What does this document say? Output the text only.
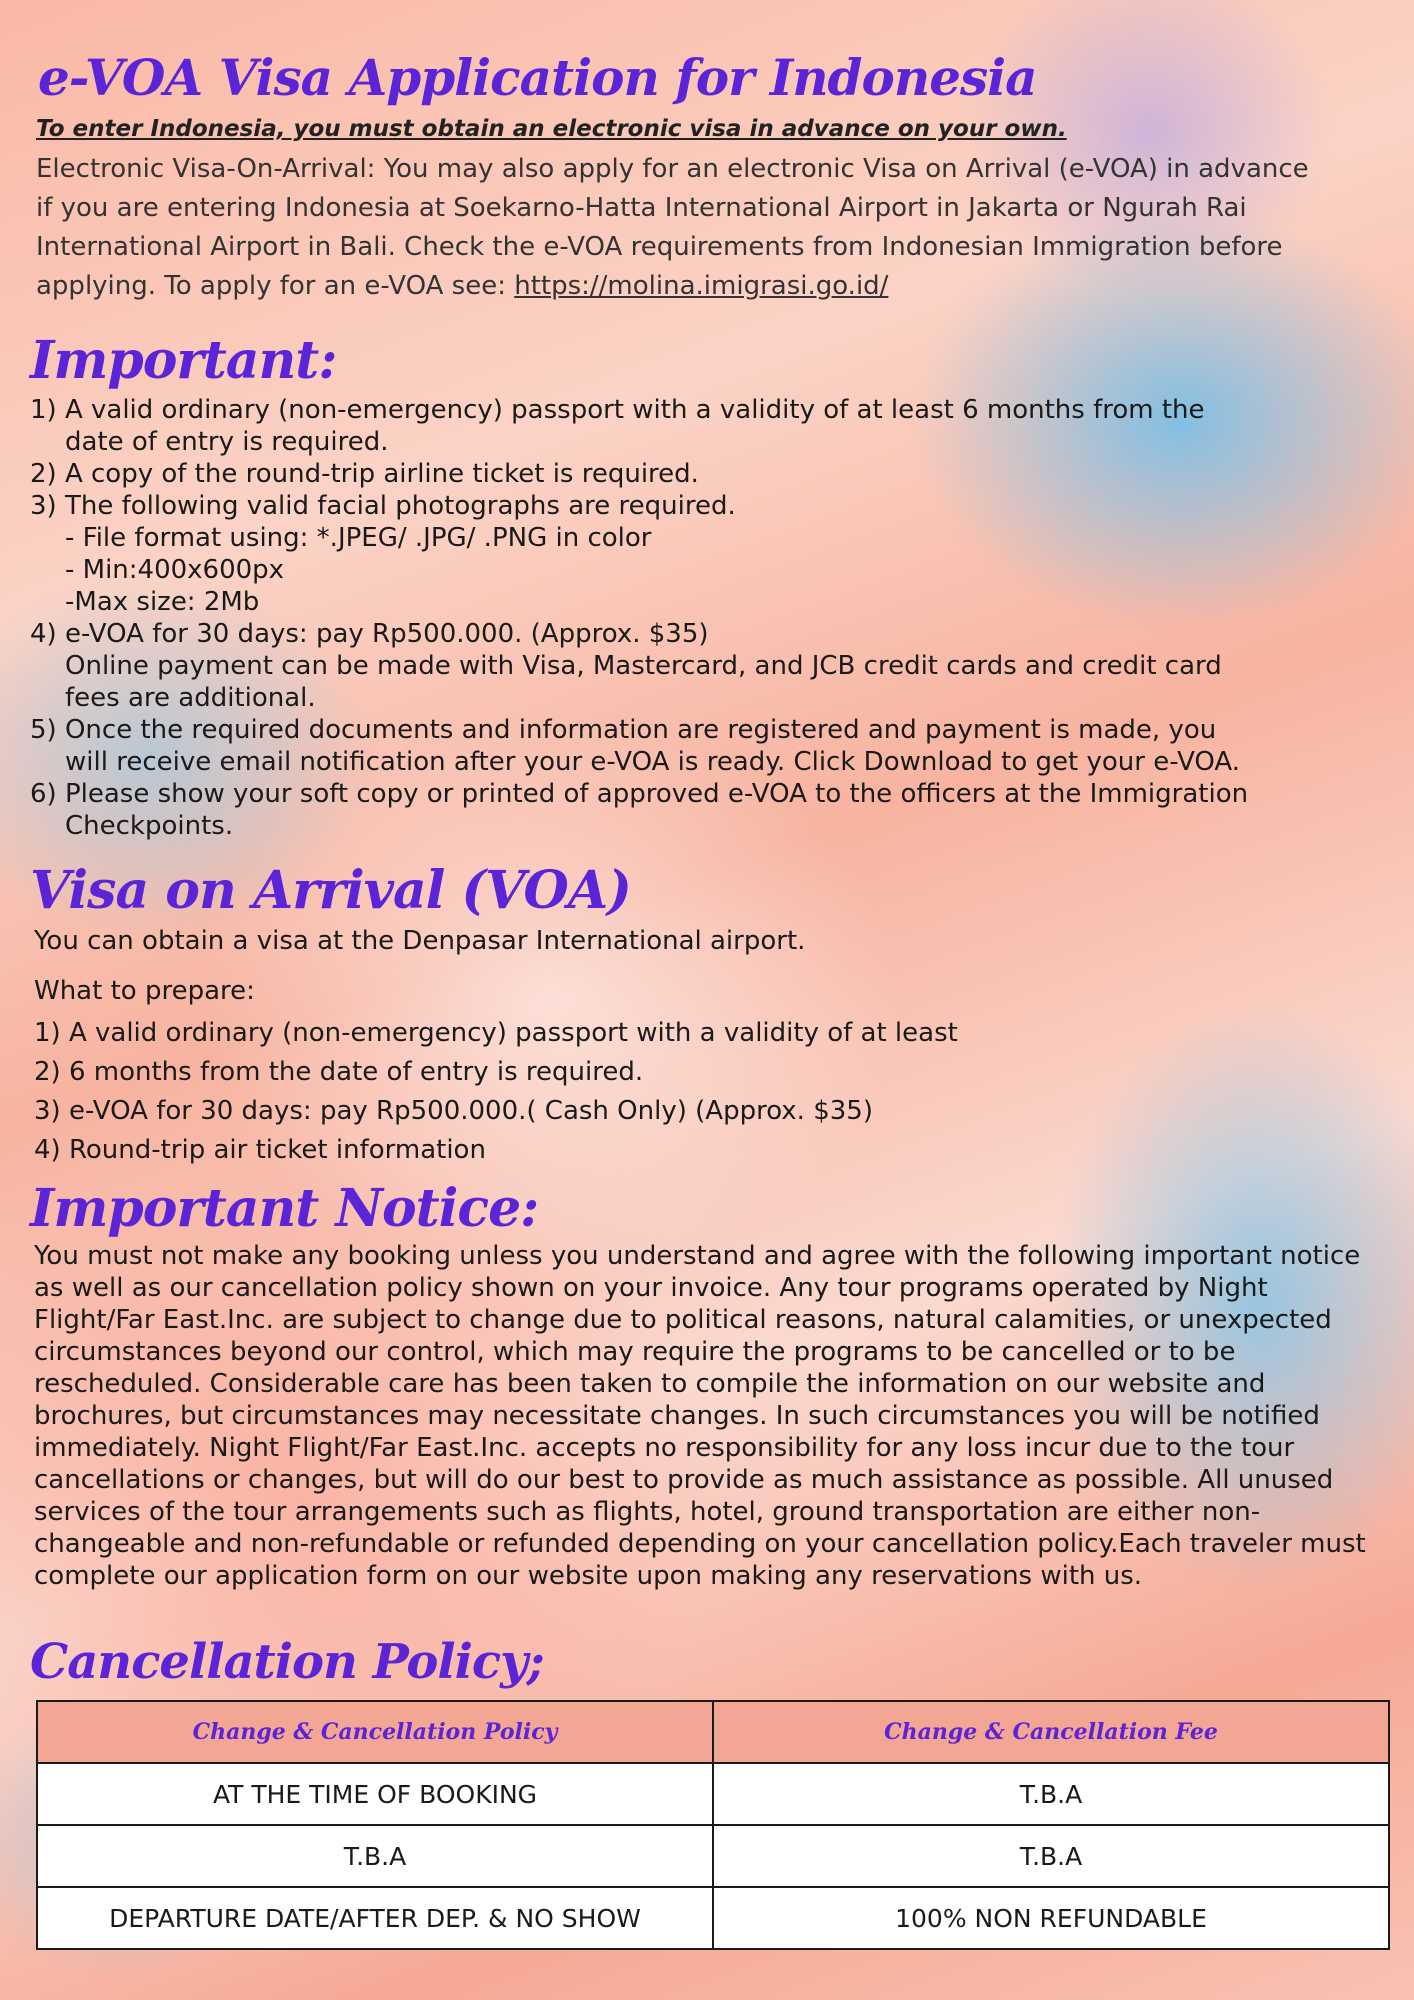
e-VOA Visa Application for Indonesia

To enter Indonesia, you must obtain an electronic visa in advance on your own.

Electronic Visa-On-Arrival: You may also apply for an electronic Visa on Arrival (e-VOA) in advance if you are entering Indonesia at Soekarno-Hatta International Airport in Jakarta or Ngurah Rai International Airport in Bali. Check the e-VOA requirements from Indonesian Immigration before applying. To apply for an e-VOA see: https://molina.imigrasi.go.id/

Important:
1) A valid ordinary (non-emergency) passport with a validity of at least 6 months from the
date of entry is required.
2) A copy of the round-trip airline ticket is required.
3) The following valid facial photographs are required.
- File format using: *.JPEG/ .JPG/ .PNG in color
- Min:400x600px
-Max size: 2Mb
4) e-VOA for 30 days: pay Rp500.000. (Approx. $35)
Online payment can be made with Visa, Mastercard, and JCB credit cards and credit card
fees are additional.
5) Once the required documents and information are registered and payment is made, you
will receive email notification after your e-VOA is ready. Click Download to get your e-VOA.
6) Please show your soft copy or printed of approved e-VOA to the officers at the Immigration
Checkpoints.
Visa on Arrival (VOA)

You can obtain a visa at the Denpasar International airport.

What to prepare:

1) A valid ordinary (non-emergency) passport with a validity of at least
2) 6 months from the date of entry is required.
3) e-VOA for 30 days: pay Rp500.000.( Cash Only) (Approx. $35)
4) Round-trip air ticket information
Important Notice:

You must not make any booking unless you understand and agree with the following important notice as well as our cancellation policy shown on your invoice. Any tour programs operated by Night Flight/Far East.Inc. are subject to change due to political reasons, natural calamities, or unexpected circumstances beyond our control, which may require the programs to be cancelled or to be rescheduled. Considerable care has been taken to compile the information on our website and brochures, but circumstances may necessitate changes. In such circumstances you will be notified immediately. Night Flight/Far East.Inc. accepts no responsibility for any loss incur due to the tour cancellations or changes, but will do our best to provide as much assistance as possible. All unused services of the tour arrangements such as flights, hotel, ground transportation are either non-changeable and non-refundable or refunded depending on your cancellation policy.Each traveler must complete our application form on our website upon making any reservations with us.

Cancellation Policy;
Change & Cancellation Policy	Change & Cancellation Fee
AT THE TIME OF BOOKING	T.B.A
T.B.A	T.B.A
DEPARTURE DATE/AFTER DEP. & NO SHOW	100% NON REFUNDABLE
